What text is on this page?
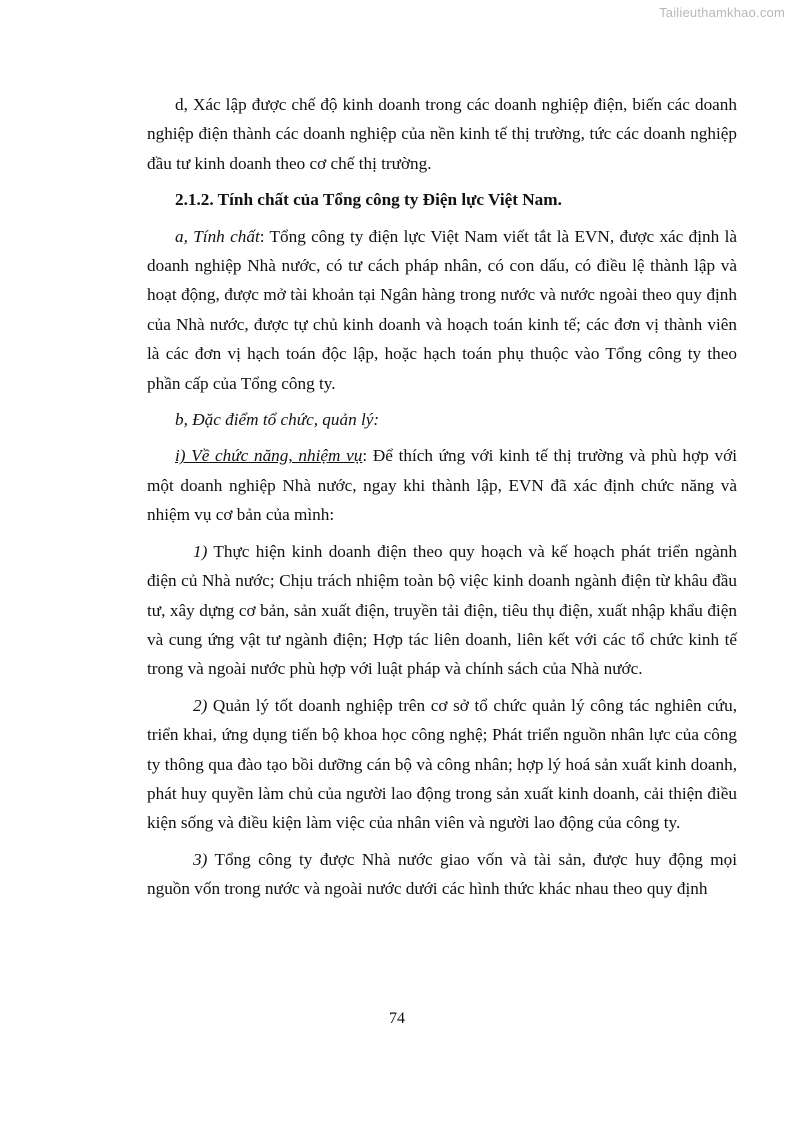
Tailieuthamkhao.com

d, Xác lập được chế độ kinh doanh trong các doanh nghiệp điện, biến các doanh nghiệp điện thành các doanh nghiệp của nền kinh tế thị trường, tức các doanh nghiệp đầu tư kinh doanh theo cơ chế thị trường.

2.1.2. Tính chất của Tổng công ty Điện lực Việt Nam.

a, Tính chất: Tổng công ty điện lực Việt Nam viết tắt là EVN, được xác định là doanh nghiệp Nhà nước, có tư cách pháp nhân, có con dấu, có điều lệ thành lập và hoạt động, được mở tài khoản tại Ngân hàng trong nước và nước ngoài theo quy định của Nhà nước, được tự chủ kinh doanh và hoạch toán kinh tế; các đơn vị thành viên là các đơn vị hạch toán độc lập, hoặc hạch toán phụ thuộc vào Tổng công ty theo phần cấp của Tổng công ty.

b, Đặc điểm tổ chức, quản lý:

i) Về chức năng, nhiệm vụ: Để thích ứng với kinh tế thị trường và phù hợp với một doanh nghiệp Nhà nước, ngay khi thành lập, EVN đã xác định chức năng và nhiệm vụ cơ bản của mình:

1) Thực hiện kinh doanh điện theo quy hoạch và kế hoạch phát triển ngành điện củ Nhà nước; Chịu trách nhiệm toàn bộ việc kinh doanh ngành điện từ khâu đầu tư, xây dựng cơ bản, sản xuất điện, truyền tải điện, tiêu thụ điện, xuất nhập khẩu điện và cung ứng vật tư ngành điện; Hợp tác liên doanh, liên kết với các tổ chức kinh tế trong và ngoài nước phù hợp với luật pháp và chính sách của Nhà nước.

2) Quản lý tốt doanh nghiệp trên cơ sở tổ chức quản lý công tác nghiên cứu, triển khai, ứng dụng tiến bộ khoa học công nghệ; Phát triển nguồn nhân lực của công ty thông qua đào tạo bồi dưỡng cán bộ và công nhân; hợp lý hoá sản xuất kinh doanh, phát huy quyền làm chủ của người lao động trong sản xuất kinh doanh, cải thiện điều kiện sống và điều kiện làm việc của nhân viên và người lao động của công ty.

3) Tổng công ty được Nhà nước giao vốn và tài sản, được huy động mọi nguồn vốn trong nước và ngoài nước dưới các hình thức khác nhau theo quy định

74
